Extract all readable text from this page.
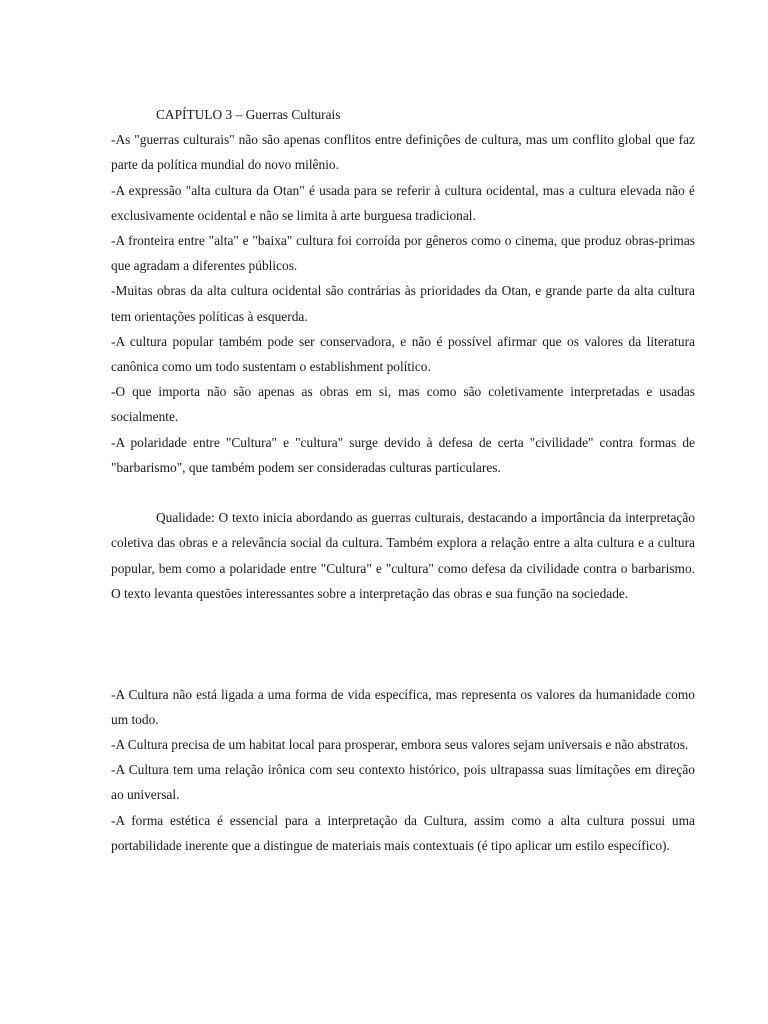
CAPÍTULO 3 – Guerras Culturais

-As "guerras culturais" não são apenas conflitos entre definições de cultura, mas um conflito global que faz parte da política mundial do novo milênio.

-A expressão "alta cultura da Otan" é usada para se referir à cultura ocidental, mas a cultura elevada não é exclusivamente ocidental e não se limita à arte burguesa tradicional.

-A fronteira entre "alta" e "baixa" cultura foi corroída por gêneros como o cinema, que produz obras-primas que agradam a diferentes públicos.

-Muitas obras da alta cultura ocidental são contrárias às prioridades da Otan, e grande parte da alta cultura tem orientações políticas à esquerda.

-A cultura popular também pode ser conservadora, e não é possível afirmar que os valores da literatura canônica como um todo sustentam o establishment político.

-O que importa não são apenas as obras em si, mas como são coletivamente interpretadas e usadas socialmente.

-A polaridade entre "Cultura" e "cultura" surge devido à defesa de certa "civilidade" contra formas de "barbarismo", que também podem ser consideradas culturas particulares.

Qualidade: O texto inicia abordando as guerras culturais, destacando a importância da interpretação coletiva das obras e a relevância social da cultura. Também explora a relação entre a alta cultura e a cultura popular, bem como a polaridade entre "Cultura" e "cultura" como defesa da civilidade contra o barbarismo. O texto levanta questões interessantes sobre a interpretação das obras e sua função na sociedade.

-A Cultura não está ligada a uma forma de vida específica, mas representa os valores da humanidade como um todo.

-A Cultura precisa de um habitat local para prosperar, embora seus valores sejam universais e não abstratos.

-A Cultura tem uma relação irônica com seu contexto histórico, pois ultrapassa suas limitações em direção ao universal.

-A forma estética é essencial para a interpretação da Cultura, assim como a alta cultura possui uma portabilidade inerente que a distingue de materiais mais contextuais (é tipo aplicar um estilo específico).
